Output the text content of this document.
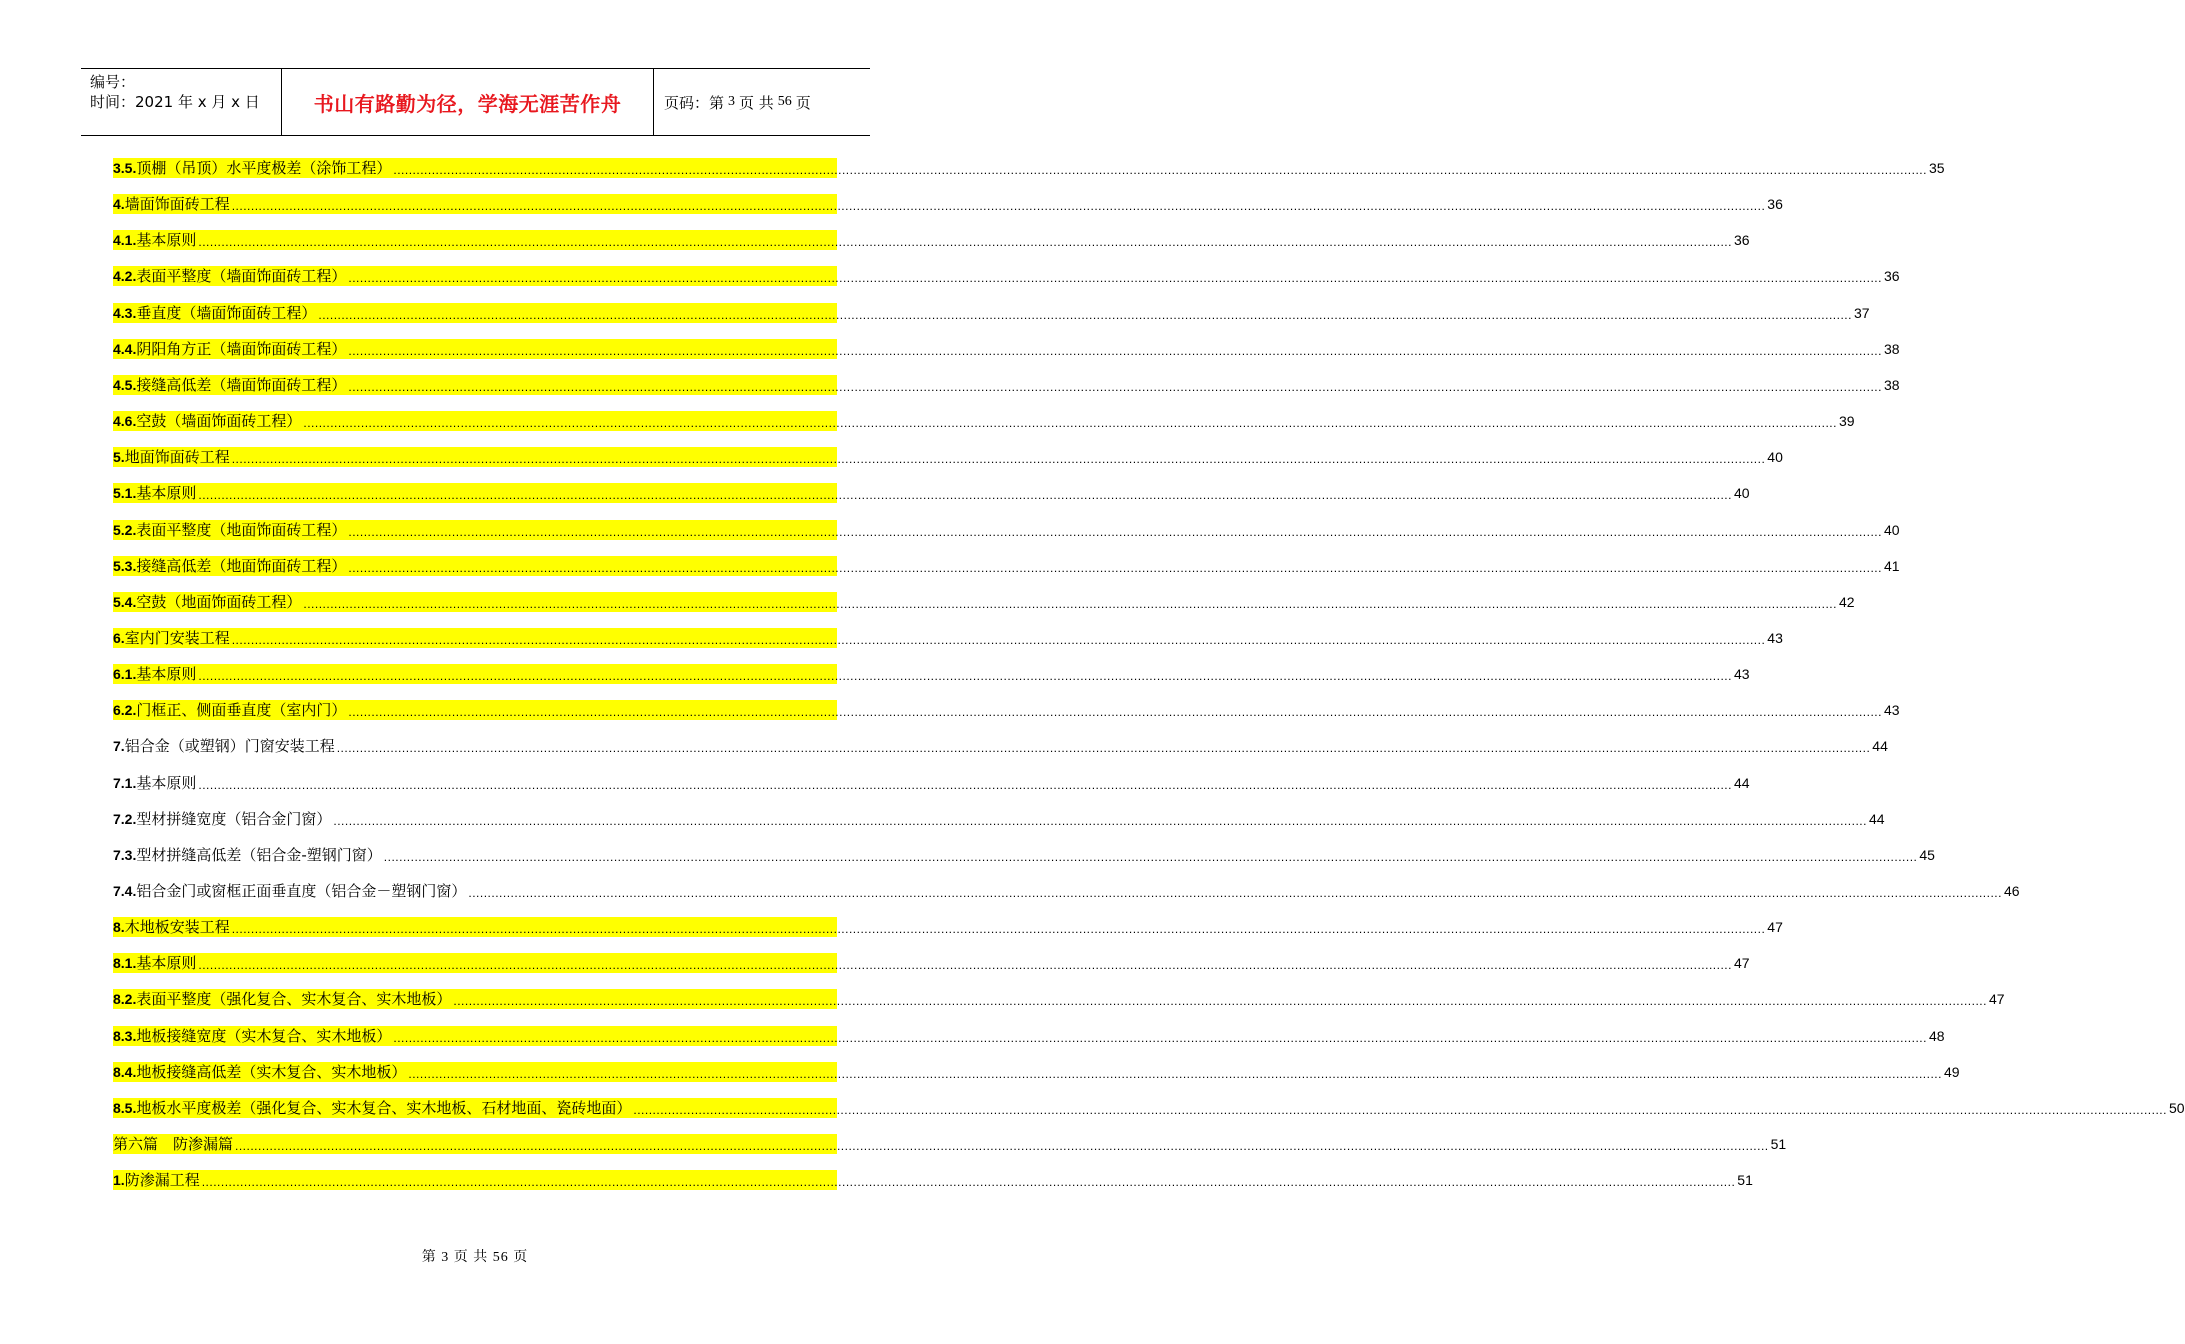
编号：
时间：2021 年 x 月 x 日	书山有路勤为径，学海无涯苦作舟	页码：第 3 页 共 56 页
3.5. 顶棚（吊顶）水平度极差（涂饰工程） ................................................................................................................................................................................................................................................................................................................................................................................................................ 35
4. 墙面饰面砖工程 ................................................................................................................................................................................................................................................................................................................................................................................................................ 36
4.1. 基本原则 ................................................................................................................................................................................................................................................................................................................................................................................................................ 36
4.2. 表面平整度（墙面饰面砖工程） ................................................................................................................................................................................................................................................................................................................................................................................................................ 36
4.3. 垂直度（墙面饰面砖工程） ................................................................................................................................................................................................................................................................................................................................................................................................................ 37
4.4. 阴阳角方正（墙面饰面砖工程） ................................................................................................................................................................................................................................................................................................................................................................................................................ 38
4.5. 接缝高低差（墙面饰面砖工程） ................................................................................................................................................................................................................................................................................................................................................................................................................ 38
4.6. 空鼓（墙面饰面砖工程） ................................................................................................................................................................................................................................................................................................................................................................................................................ 39
5. 地面饰面砖工程 ................................................................................................................................................................................................................................................................................................................................................................................................................ 40
5.1. 基本原则 ................................................................................................................................................................................................................................................................................................................................................................................................................ 40
5.2. 表面平整度（地面饰面砖工程） ................................................................................................................................................................................................................................................................................................................................................................................................................ 40
5.3. 接缝高低差（地面饰面砖工程） ................................................................................................................................................................................................................................................................................................................................................................................................................ 41
5.4. 空鼓（地面饰面砖工程） ................................................................................................................................................................................................................................................................................................................................................................................................................ 42
6. 室内门安装工程 ................................................................................................................................................................................................................................................................................................................................................................................................................ 43
6.1. 基本原则 ................................................................................................................................................................................................................................................................................................................................................................................................................ 43
6.2. 门框正、侧面垂直度（室内门） ................................................................................................................................................................................................................................................................................................................................................................................................................ 43
7. 铝合金（或塑钢）门窗安装工程 ................................................................................................................................................................................................................................................................................................................................................................................................................ 44
7.1. 基本原则 ................................................................................................................................................................................................................................................................................................................................................................................................................ 44
7.2. 型材拼缝宽度（铝合金门窗） ................................................................................................................................................................................................................................................................................................................................................................................................................ 44
7.3. 型材拼缝高低差（铝合金-塑钢门窗） ................................................................................................................................................................................................................................................................................................................................................................................................................ 45
7.4. 铝合金门或窗框正面垂直度（铝合金－塑钢门窗） ................................................................................................................................................................................................................................................................................................................................................................................................................ 46
8. 木地板安装工程 ................................................................................................................................................................................................................................................................................................................................................................................................................ 47
8.1. 基本原则 ................................................................................................................................................................................................................................................................................................................................................................................................................ 47
8.2. 表面平整度（强化复合、实木复合、实木地板） ................................................................................................................................................................................................................................................................................................................................................................................................................ 47
8.3. 地板接缝宽度（实木复合、实木地板） ................................................................................................................................................................................................................................................................................................................................................................................................................ 48
8.4. 地板接缝高低差（实木复合、实木地板） ................................................................................................................................................................................................................................................................................................................................................................................................................ 49
8.5. 地板水平度极差（强化复合、实木复合、实木地板、石材地面、瓷砖地面） ................................................................................................................................................................................................................................................................................................................................................................................................................ 50
第六篇　防渗漏篇 ................................................................................................................................................................................................................................................................................................................................................................................................................ 51
1. 防渗漏工程 ................................................................................................................................................................................................................................................................................................................................................................................................................ 51
第 3 页 共 56 页
